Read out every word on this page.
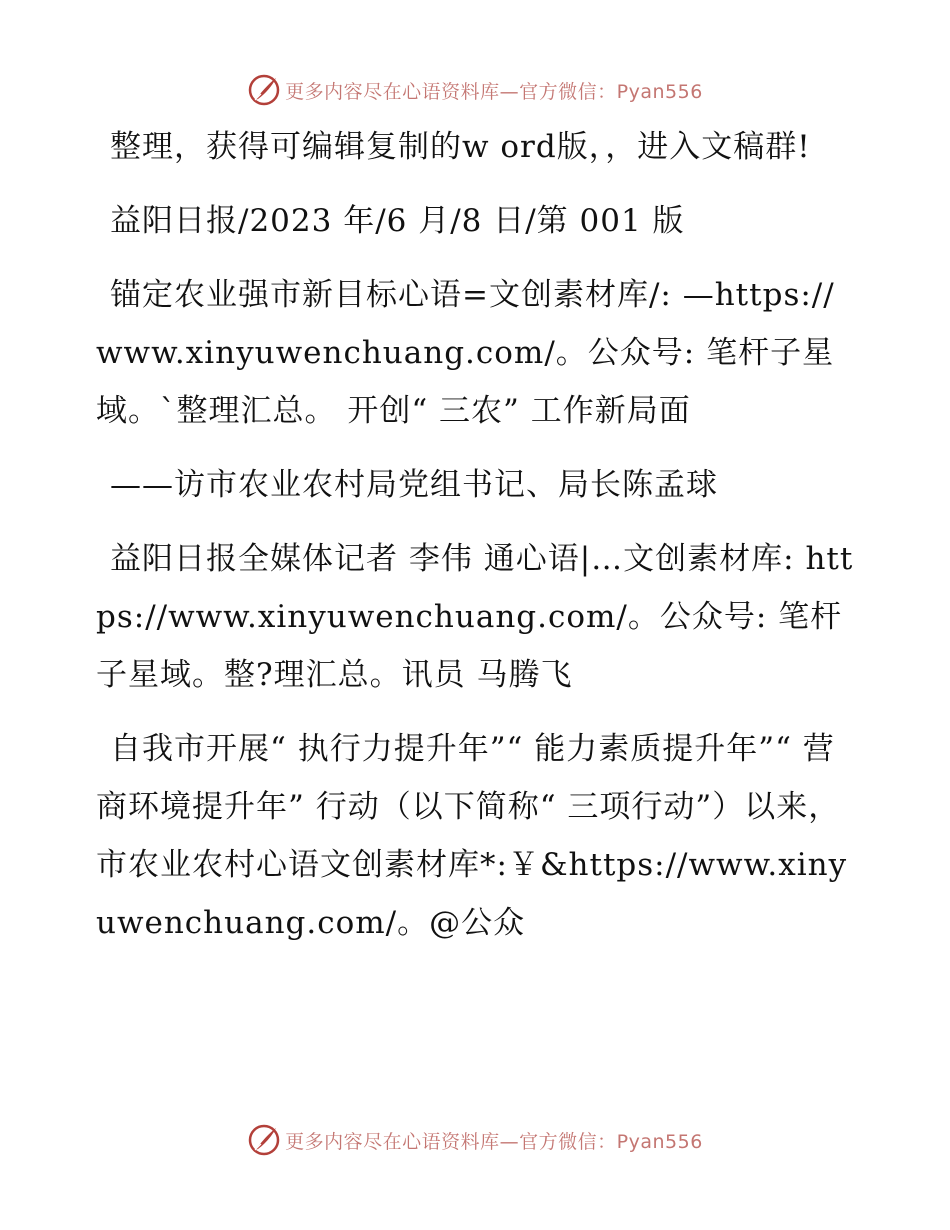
更多内容尽在心语资料库—官方微信：Pyan556

整理，获得可编辑复制的w ord版，，进入文稿群!

益阳日报/2023 年/6 月/8 日/第 001 版

锚定农业强市新目标心语=文创素材库/: —https://www.xinyuwenchuang.com/。公众号: 笔杆子星域。`整理汇总。 开创“ 三农” 工作新局面

——访市农业农村局党组书记、局长陈孟球

益阳日报全媒体记者 李伟 通心语|…文创素材库: https://www.xinyuwenchuang.com/。公众号: 笔杆子星域。整?理汇总。讯员 马腾飞

自我市开展“ 执行力提升年”“ 能力素质提升年”“ 营商环境提升年” 行动（以下简称“ 三项行动”）以来，市农业农村心语文创素材库*:￥&https://www.xinyuwenchuang.com/。@公众

更多内容尽在心语资料库—官方微信：Pyan556
